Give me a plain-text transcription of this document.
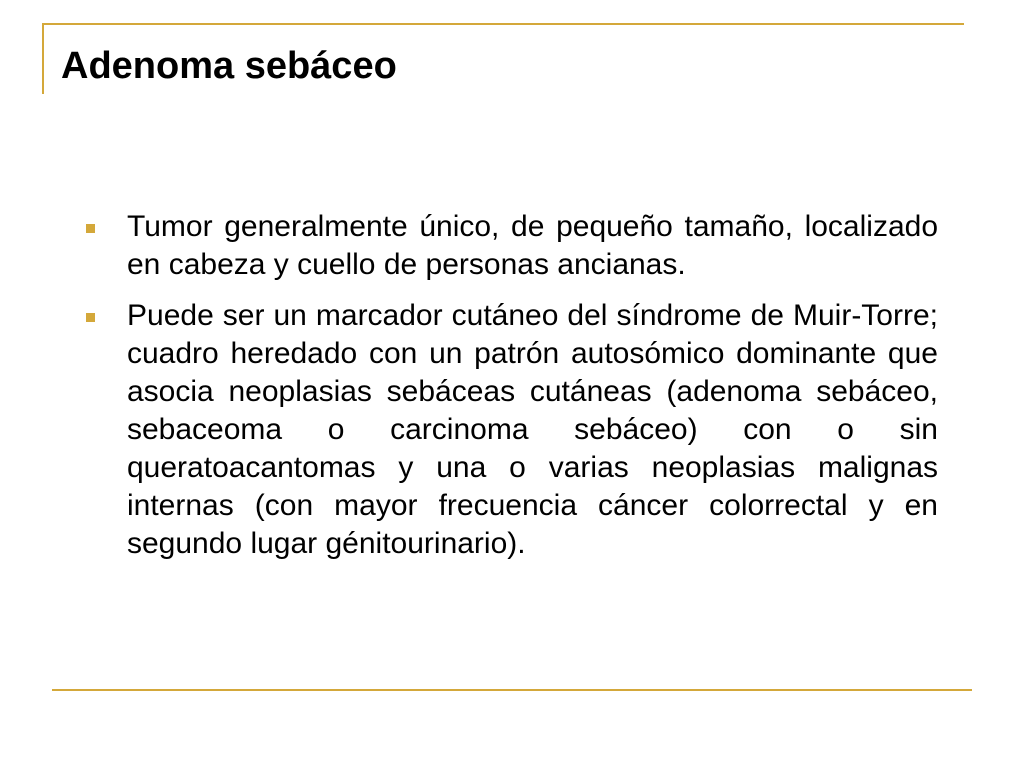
Adenoma sebáceo
Tumor generalmente único, de pequeño tamaño, localizado en cabeza y cuello de personas ancianas.
Puede ser un marcador cutáneo del síndrome de Muir-Torre; cuadro heredado con un patrón autosómico dominante que asocia neoplasias sebáceas cutáneas (adenoma sebáceo, sebaceoma o carcinoma sebáceo) con o sin queratoacantomas y una o varias neoplasias malignas internas (con mayor frecuencia cáncer colorrectal y en segundo lugar génitourinario).
